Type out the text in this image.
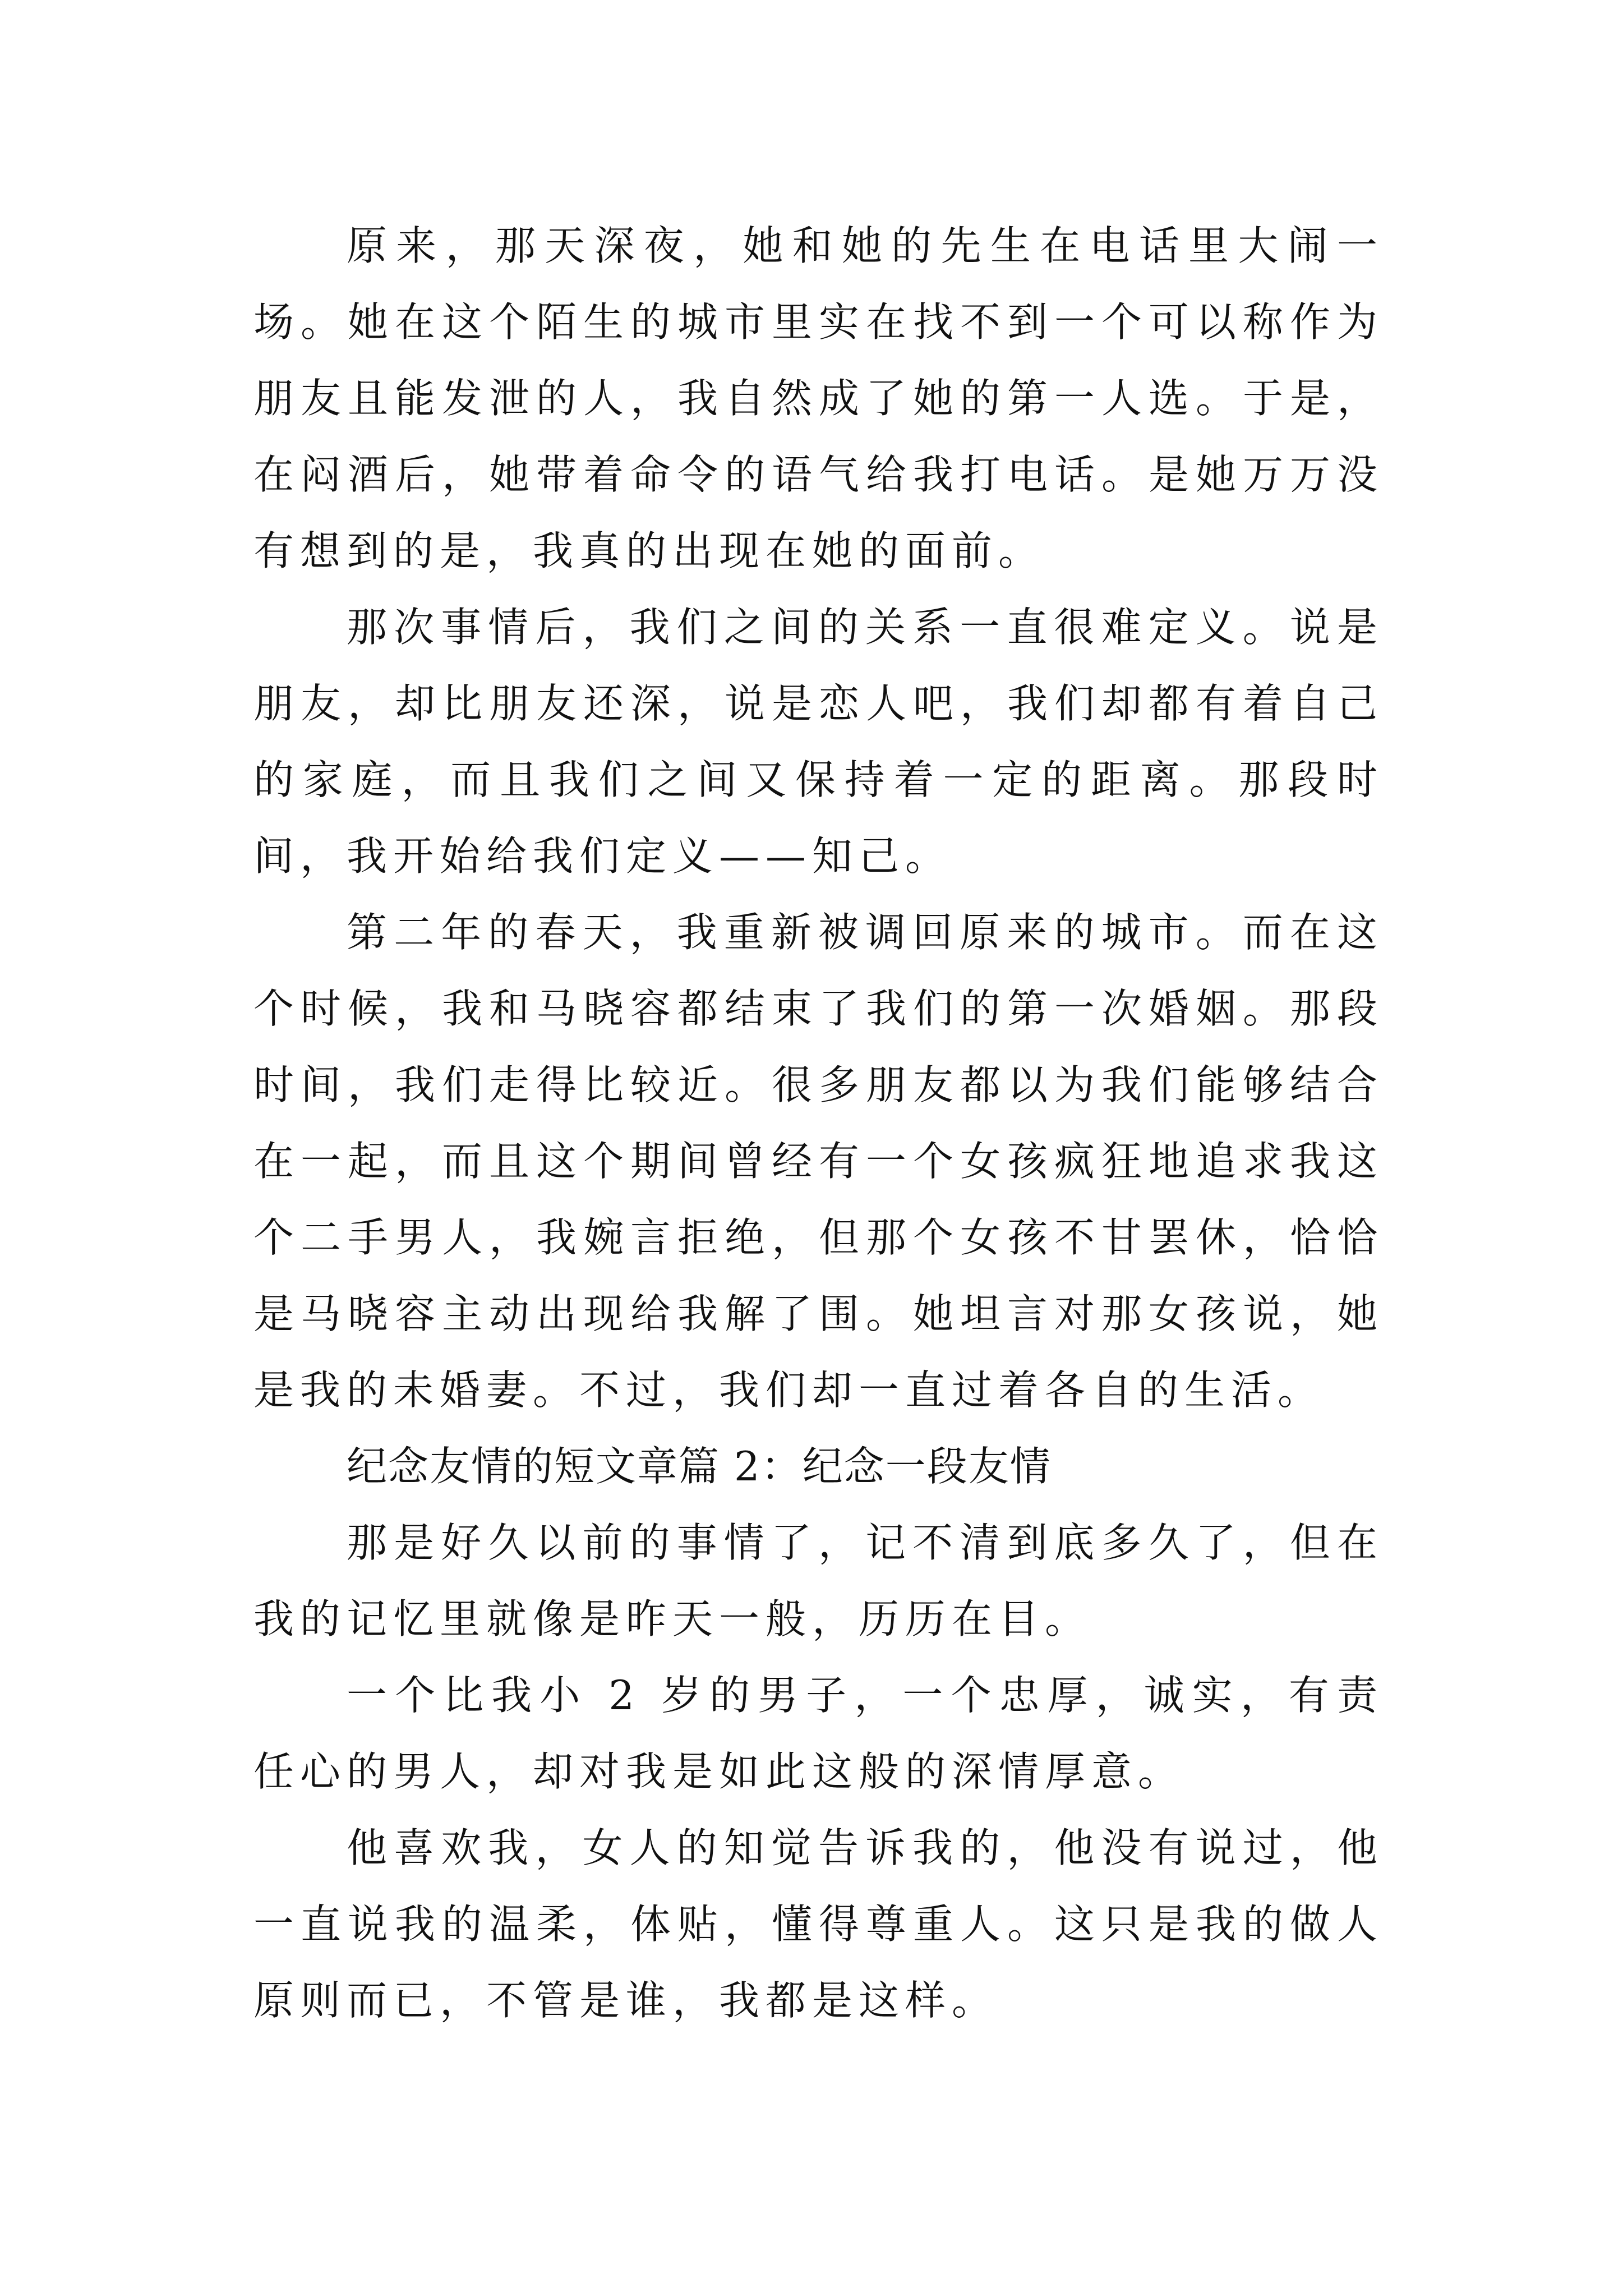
原来，那天深夜，她和她的先生在电话里大闹一场。她在这个陌生的城市里实在找不到一个可以称作为朋友且能发泄的人，我自然成了她的第一人选。于是，在闷酒后，她带着命令的语气给我打电话。是她万万没有想到的是，我真的出现在她的面前。

那次事情后，我们之间的关系一直很难定义。说是朋友，却比朋友还深，说是恋人吧，我们却都有着自己的家庭，而且我们之间又保持着一定的距离。那段时间，我开始给我们定义——知己。

第二年的春天，我重新被调回原来的城市。而在这个时候，我和马晓容都结束了我们的第一次婚姻。那段时间，我们走得比较近。很多朋友都以为我们能够结合在一起，而且这个期间曾经有一个女孩疯狂地追求我这个二手男人，我婉言拒绝，但那个女孩不甘罢休，恰恰是马晓容主动出现给我解了围。她坦言对那女孩说，她是我的未婚妻。不过，我们却一直过着各自的生活。

纪念友情的短文章篇 2：纪念一段友情

那是好久以前的事情了，记不清到底多久了，但在我的记忆里就像是昨天一般，历历在目。

一个比我小 2 岁的男子，一个忠厚，诚实，有责任心的男人，却对我是如此这般的深情厚意。

他喜欢我，女人的知觉告诉我的，他没有说过，他一直说我的温柔，体贴，懂得尊重人。这只是我的做人原则而已，不管是谁，我都是这样。
